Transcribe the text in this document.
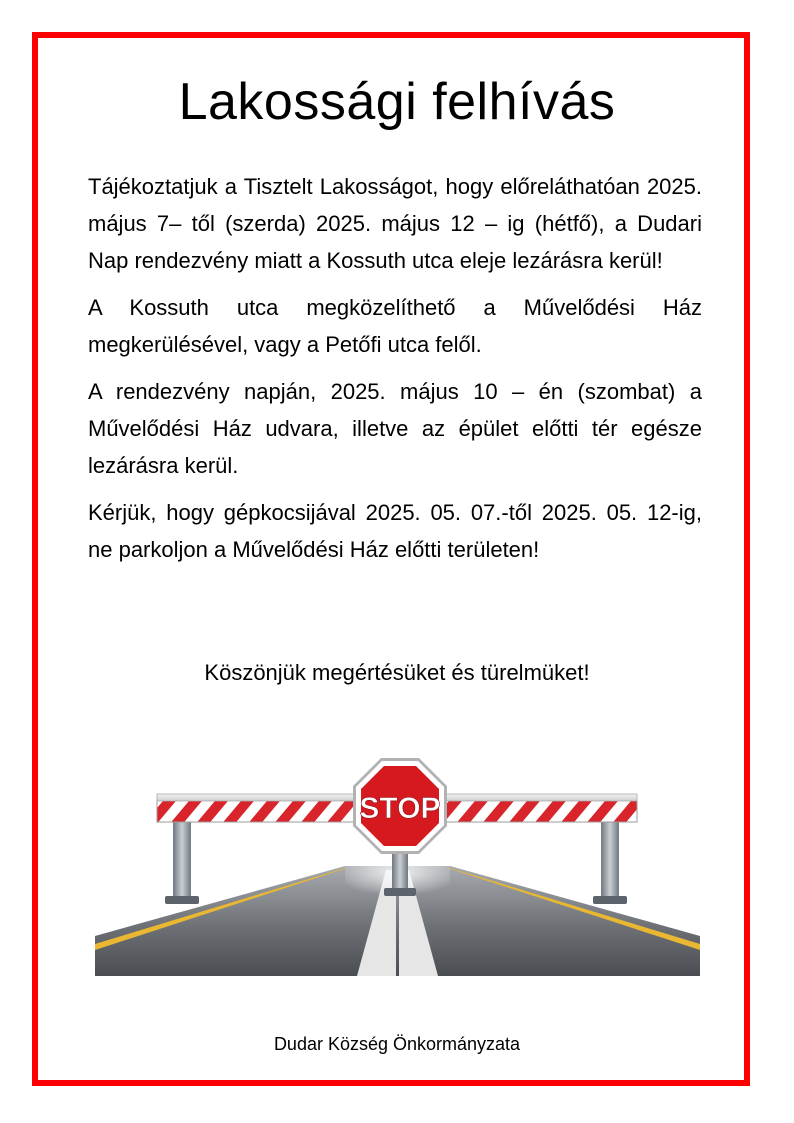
Lakossági felhívás

Tájékoztatjuk a Tisztelt Lakosságot, hogy előreláthatóan 2025. május 7– től (szerda) 2025. május 12 – ig (hétfő), a Dudari Nap rendezvény miatt a Kossuth utca eleje lezárásra kerül!

A Kossuth utca megközelíthető a Művelődési Ház megkerülésével, vagy a Petőfi utca felől.

A rendezvény napján, 2025. május 10 – én (szombat) a Művelődési Ház udvara, illetve az épület előtti tér egésze lezárásra kerül.

Kérjük, hogy gépkocsijával 2025. 05. 07.-től 2025. 05. 12-ig, ne parkoljon a Művelődési Ház előtti területen!

Köszönjük megértésüket és türelmüket!

STOP

Dudar Község Önkormányzata
